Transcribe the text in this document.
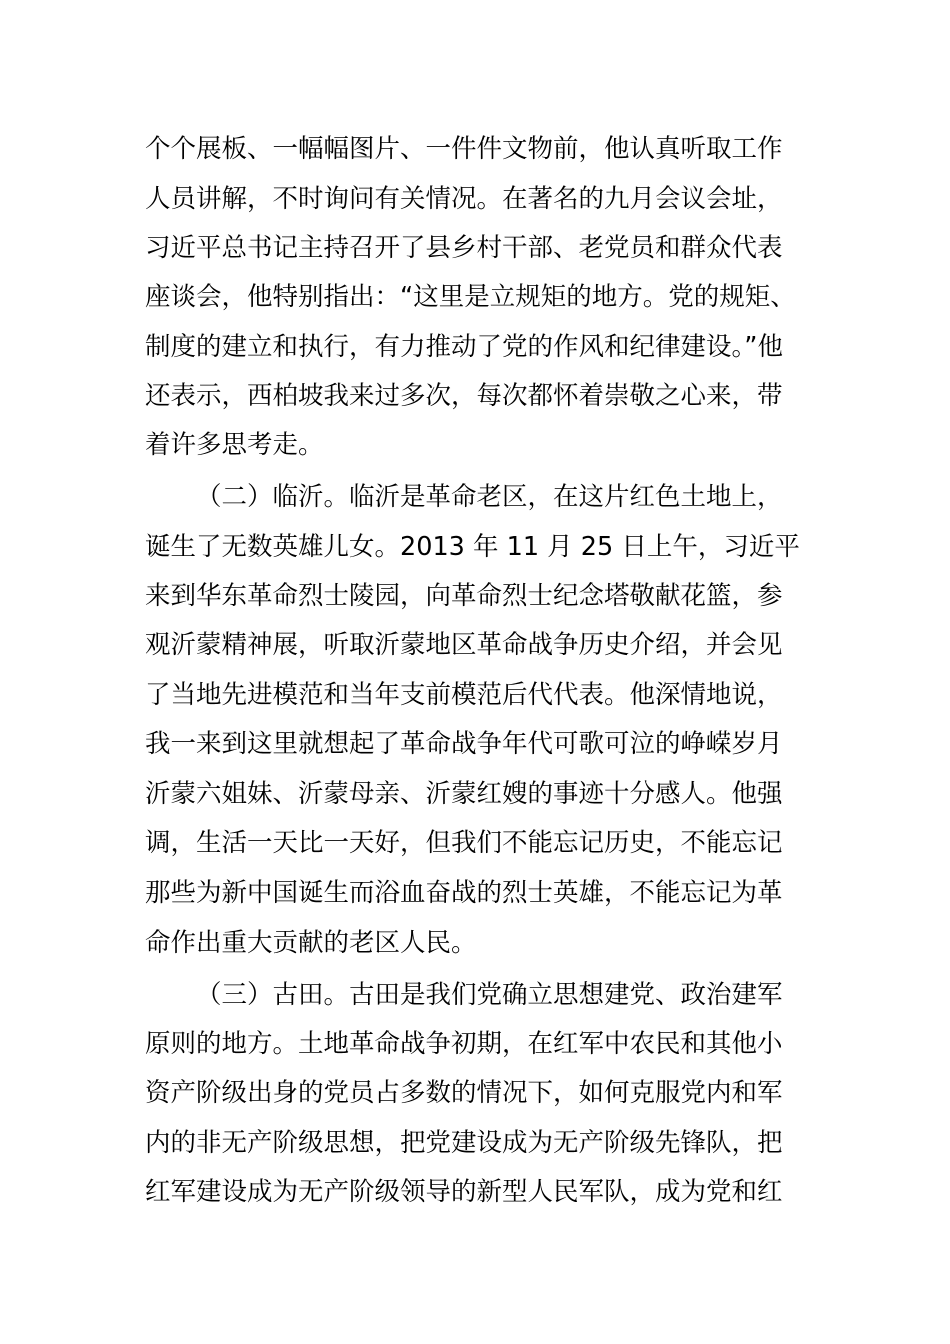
个个展板、一幅幅图片、一件件文物前，他认真听取工作
人员讲解，不时询问有关情况。在著名的九月会议会址，
习近平总书记主持召开了县乡村干部、老党员和群众代表
座谈会，他特别指出：“这里是立规矩的地方。党的规矩、
制度的建立和执行，有力推动了党的作风和纪律建设。”他
还表示，西柏坡我来过多次，每次都怀着崇敬之心来，带
着许多思考走。
（二）临沂。临沂是革命老区，在这片红色土地上，
诞生了无数英雄儿女。2013 年 11 月 25 日上午，习近平
来到华东革命烈士陵园，向革命烈士纪念塔敬献花篮，参
观沂蒙精神展，听取沂蒙地区革命战争历史介绍，并会见
了当地先进模范和当年支前模范后代代表。他深情地说，
我一来到这里就想起了革命战争年代可歌可泣的峥嵘岁月
沂蒙六姐妹、沂蒙母亲、沂蒙红嫂的事迹十分感人。他强
调，生活一天比一天好，但我们不能忘记历史，不能忘记
那些为新中国诞生而浴血奋战的烈士英雄，不能忘记为革
命作出重大贡献的老区人民。
（三）古田。古田是我们党确立思想建党、政治建军
原则的地方。土地革命战争初期，在红军中农民和其他小
资产阶级出身的党员占多数的情况下，如何克服党内和军
内的非无产阶级思想，把党建设成为无产阶级先锋队，把
红军建设成为无产阶级领导的新型人民军队，成为党和红
